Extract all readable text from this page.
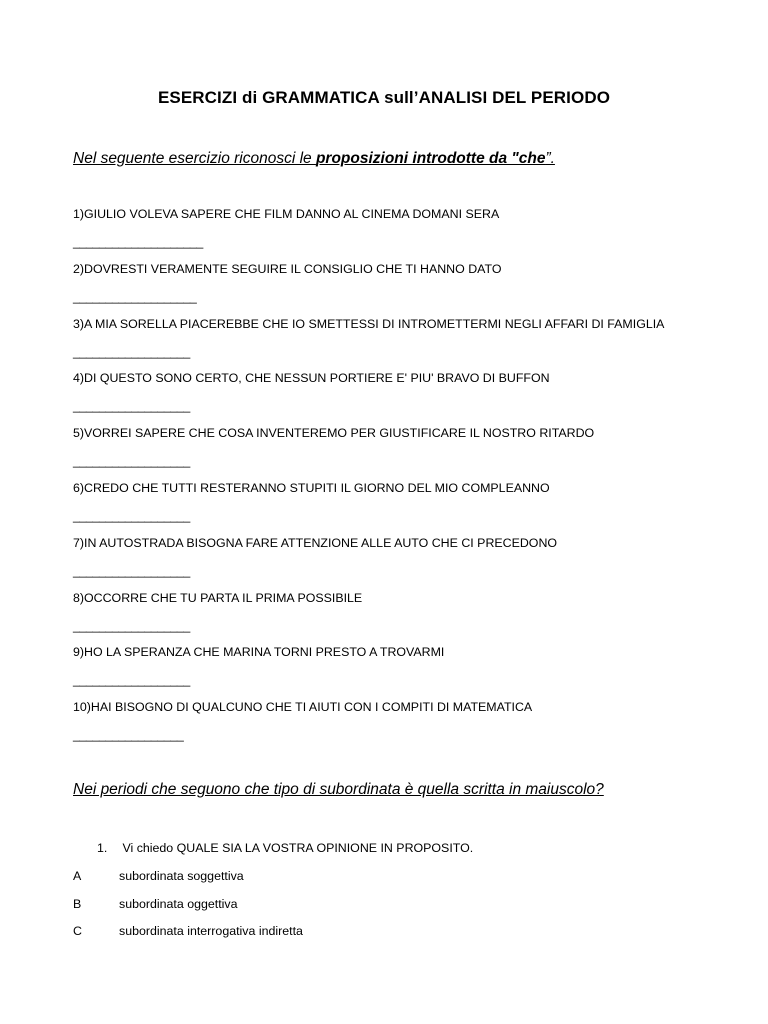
ESERCIZI di GRAMMATICA sull’ANALISI DEL PERIODO
Nel seguente esercizio riconosci le proposizioni introdotte da "che”.
1)GIULIO VOLEVA SAPERE CHE FILM DANNO AL CINEMA DOMANI SERA
____________________
2)DOVRESTI VERAMENTE SEGUIRE IL CONSIGLIO CHE TI HANNO DATO
___________________
3)A MIA SORELLA PIACEREBBE CHE IO SMETTESSI DI INTROMETTERMI NEGLI AFFARI DI FAMIGLIA
__________________
4)DI QUESTO SONO CERTO, CHE NESSUN PORTIERE E' PIU' BRAVO DI BUFFON
__________________
5)VORREI SAPERE CHE COSA INVENTEREMO PER GIUSTIFICARE IL NOSTRO RITARDO
__________________
6)CREDO CHE TUTTI RESTERANNO STUPITI IL GIORNO DEL MIO COMPLEANNO
__________________
7)IN AUTOSTRADA BISOGNA FARE ATTENZIONE ALLE AUTO CHE CI PRECEDONO
__________________
8)OCCORRE CHE TU PARTA IL PRIMA POSSIBILE
__________________
9)HO LA SPERANZA CHE MARINA TORNI PRESTO A TROVARMI
__________________
10)HAI BISOGNO DI QUALCUNO CHE TI AIUTI CON I COMPITI DI MATEMATICA
_________________
Nei periodi che seguono che tipo di subordinata è quella scritta in maiuscolo?
1. Vi chiedo QUALE SIA LA VOSTRA OPINIONE IN PROPOSITO.
A	subordinata soggettiva
B	subordinata oggettiva
C	subordinata interrogativa indiretta
